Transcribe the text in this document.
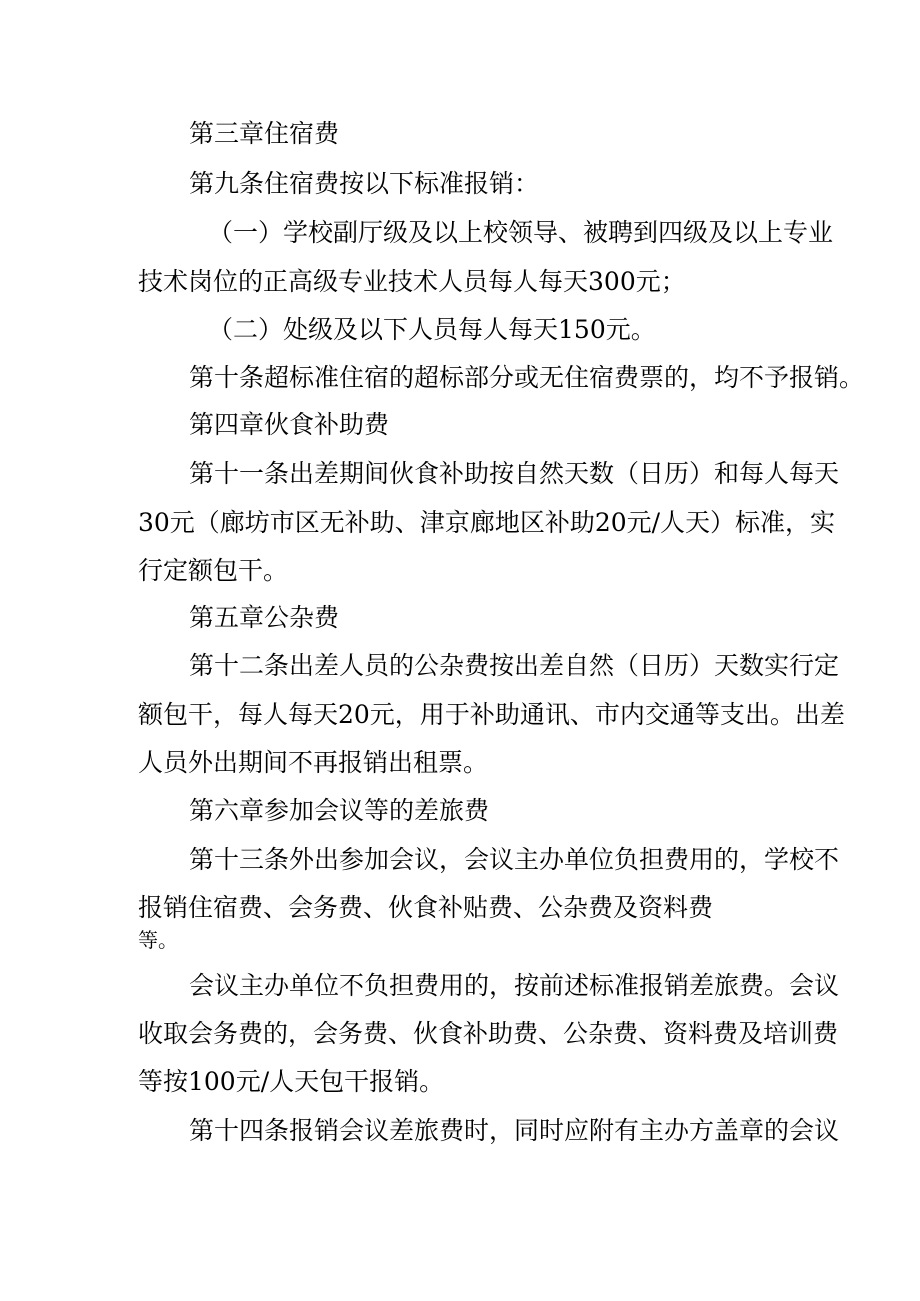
第三章住宿费
第九条住宿费按以下标准报销：
（一）学校副厅级及以上校领导、被聘到四级及以上专业
技术岗位的正高级专业技术人员每人每天300元；
（二）处级及以下人员每人每天150元。
第十条超标准住宿的超标部分或无住宿费票的，均不予报销。
第四章伙食补助费
第十一条出差期间伙食补助按自然天数（日历）和每人每天
30元（廊坊市区无补助、津京廊地区补助20元/人天）标准，实
行定额包干。
第五章公杂费
第十二条出差人员的公杂费按出差自然（日历）天数实行定
额包干，每人每天20元，用于补助通讯、市内交通等支出。出差
人员外出期间不再报销出租票。
第六章参加会议等的差旅费
第十三条外出参加会议，会议主办单位负担费用的，学校不
报销住宿费、会务费、伙食补贴费、公杂费及资料费
等。
会议主办单位不负担费用的，按前述标准报销差旅费。会议
收取会务费的，会务费、伙食补助费、公杂费、资料费及培训费
等按100元/人天包干报销。
第十四条报销会议差旅费时，同时应附有主办方盖章的会议
